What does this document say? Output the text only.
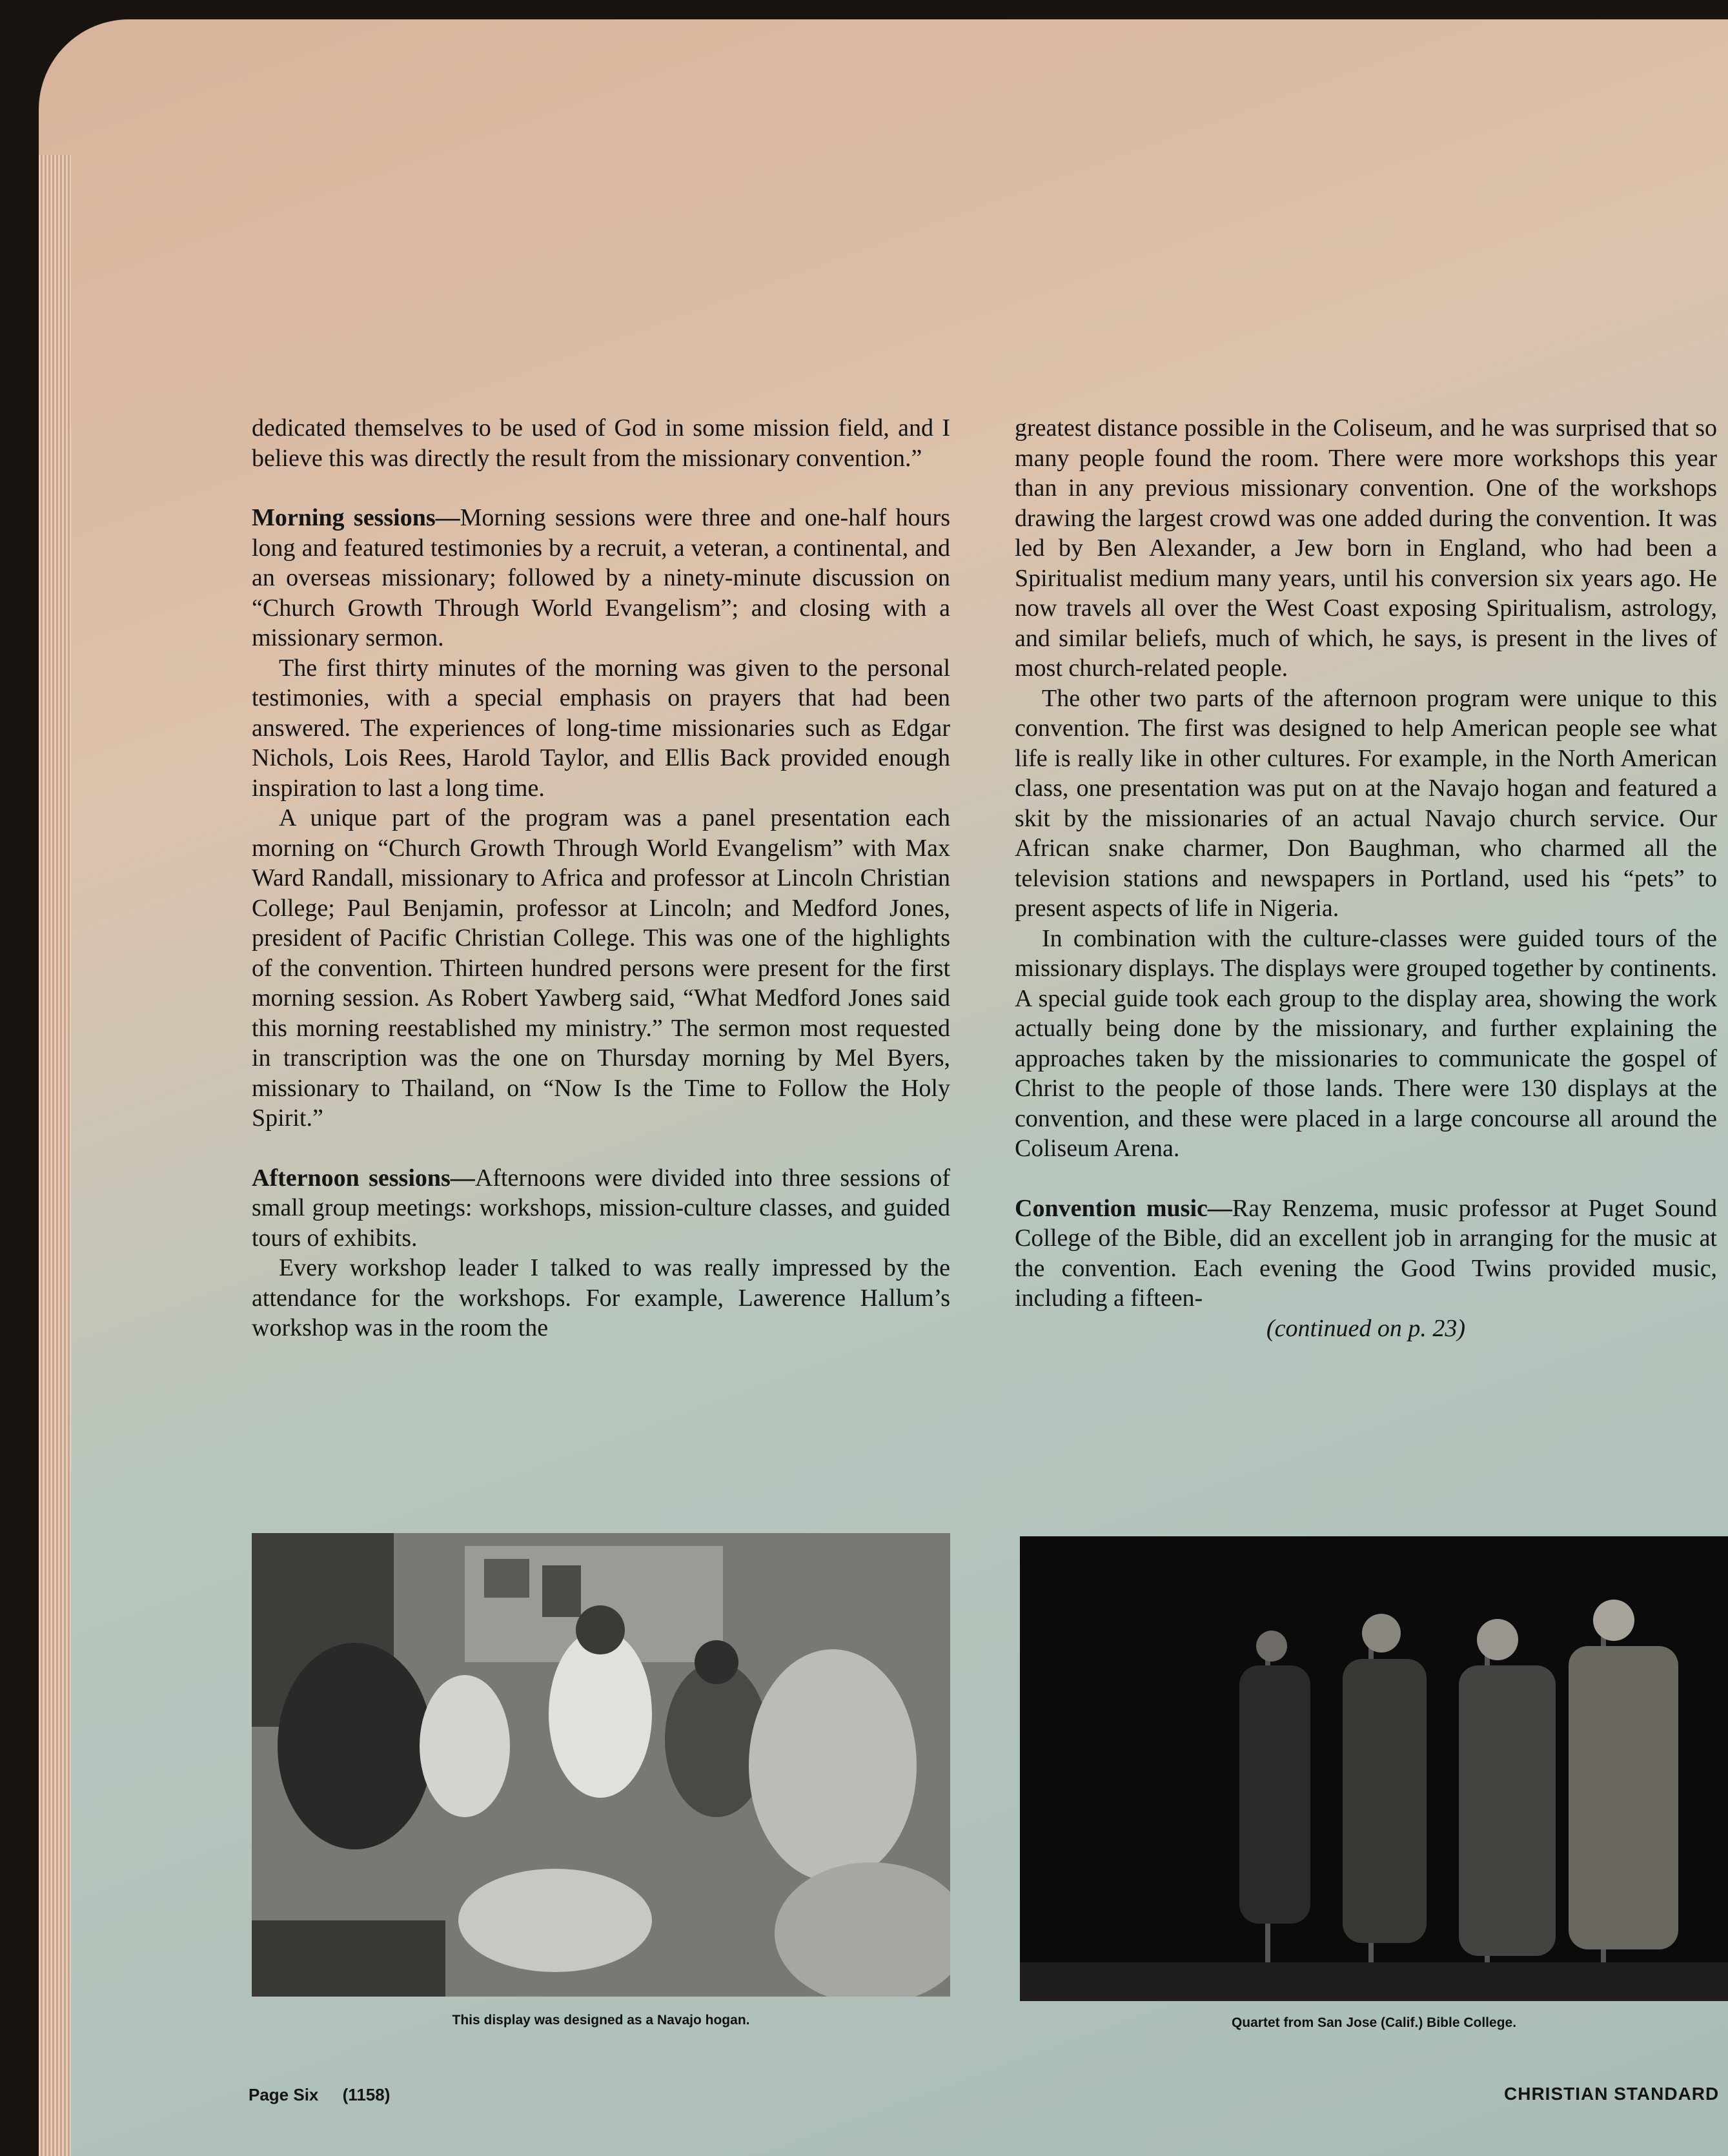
dedicated themselves to be used of God in some mission field, and I believe this was directly the result from the missionary convention.”

Morning sessions—Morning sessions were three and one-half hours long and featured testimonies by a recruit, a veteran, a continental, and an overseas missionary; followed by a ninety-minute discussion on “Church Growth Through World Evangelism”; and closing with a missionary sermon.

The first thirty minutes of the morning was given to the personal testimonies, with a special emphasis on prayers that had been answered. The experiences of long-time missionaries such as Edgar Nichols, Lois Rees, Harold Taylor, and Ellis Back provided enough inspiration to last a long time.

A unique part of the program was a panel presentation each morning on “Church Growth Through World Evangelism” with Max Ward Randall, missionary to Africa and professor at Lincoln Christian College; Paul Benjamin, professor at Lincoln; and Medford Jones, president of Pacific Christian College. This was one of the highlights of the convention. Thirteen hundred persons were present for the first morning session. As Robert Yawberg said, “What Medford Jones said this morning reestablished my ministry.” The sermon most requested in transcription was the one on Thursday morning by Mel Byers, missionary to Thailand, on “Now Is the Time to Follow the Holy Spirit.”

Afternoon sessions—Afternoons were divided into three sessions of small group meetings: workshops, mission-culture classes, and guided tours of exhibits.

Every workshop leader I talked to was really impressed by the attendance for the workshops. For example, Lawerence Hallum’s workshop was in the room the

greatest distance possible in the Coliseum, and he was surprised that so many people found the room. There were more workshops this year than in any previous missionary convention. One of the workshops drawing the largest crowd was one added during the convention. It was led by Ben Alexander, a Jew born in England, who had been a Spiritualist medium many years, until his conversion six years ago. He now travels all over the West Coast exposing Spiritualism, astrology, and similar beliefs, much of which, he says, is present in the lives of most church-related people.

The other two parts of the afternoon program were unique to this convention. The first was designed to help American people see what life is really like in other cultures. For example, in the North American class, one presentation was put on at the Navajo hogan and featured a skit by the missionaries of an actual Navajo church service. Our African snake charmer, Don Baughman, who charmed all the television stations and newspapers in Portland, used his “pets” to present aspects of life in Nigeria.

In combination with the culture-classes were guided tours of the missionary displays. The displays were grouped together by continents. A special guide took each group to the display area, showing the work actually being done by the missionary, and further explaining the approaches taken by the missionaries to communicate the gospel of Christ to the people of those lands. There were 130 displays at the convention, and these were placed in a large concourse all around the Coliseum Arena.

Convention music—Ray Renzema, music professor at Puget Sound College of the Bible, did an excellent job in arranging for the music at the convention. Each evening the Good Twins provided music, including a fifteen-

(continued on p. 23)

This display was designed as a Navajo hogan.	Quartet from San Jose (Calif.) Bible College.
Page Six (1158)	CHRISTIAN STANDARD
